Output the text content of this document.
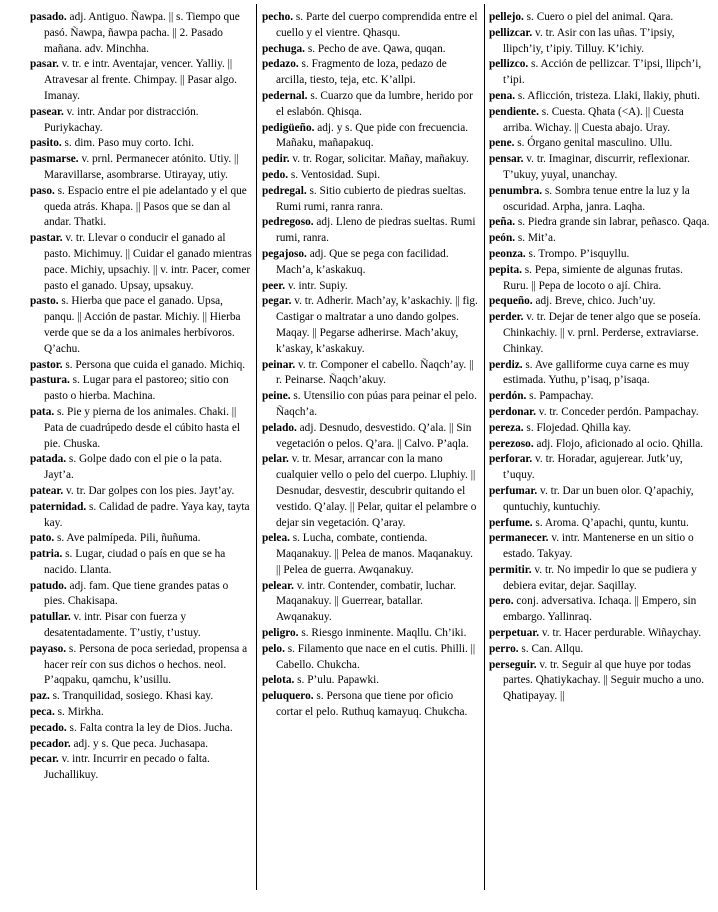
pasado. adj. Antiguo. Ñawpa. || s. Tiempo que pasó. Ñawpa, ñawpa pacha. || 2. Pasado mañana. adv. Minchha.

pasar. v. tr. e intr. Aventajar, vencer. Yalliy. || Atravesar al frente. Chimpay. || Pasar algo. Imanay.

pasear. v. intr. Andar por distracción. Puriykachay.

pasito. s. dim. Paso muy corto. Ichi.

pasmarse. v. prnl. Permanecer atónito. Utiy. || Maravillarse, asombrarse. Utirayay, utiy.

paso. s. Espacio entre el pie adelantado y el que queda atrás. Khapa. || Pasos que se dan al andar. Thatki.

pastar. v. tr. Llevar o conducir el ganado al pasto. Michimuy. || Cuidar el ganado mientras pace. Michiy, upsachiy. || v. intr. Pacer, comer pasto el ganado. Upsay, upsakuy.

pasto. s. Hierba que pace el ganado. Upsa, panqu. || Acción de pastar. Michiy. || Hierba verde que se da a los animales herbívoros. Q’achu.

pastor. s. Persona que cuida el ganado. Michiq.

pastura. s. Lugar para el pastoreo; sitio con pasto o hierba. Machina.

pata. s. Pie y pierna de los animales. Chaki. || Pata de cuadrúpedo desde el cúbito hasta el pie. Chuska.

patada. s. Golpe dado con el pie o la pata. Jayt’a.

patear. v. tr. Dar golpes con los pies. Jayt’ay.

paternidad. s. Calidad de padre. Yaya kay, tayta kay.

pato. s. Ave palmípeda. Pili, ñuñuma.

patria. s. Lugar, ciudad o país en que se ha nacido. Llanta.

patudo. adj. fam. Que tiene grandes patas o pies. Chakisapa.

patullar. v. intr. Pisar con fuerza y desatentadamente. T’ustiy, t’ustuy.

payaso. s. Persona de poca seriedad, propensa a hacer reír con sus dichos o hechos. neol. P’aqpaku, qamchu, k’usillu.

paz. s. Tranquilidad, sosiego. Khasi kay.

peca. s. Mirkha.

pecado. s. Falta contra la ley de Dios. Jucha.

pecador. adj. y s. Que peca. Juchasapa.

pecar. v. intr. Incurrir en pecado o falta. Juchallikuy.

pecho. s. Parte del cuerpo comprendida entre el cuello y el vientre. Qhasqu.

pechuga. s. Pecho de ave. Qawa, quqan.

pedazo. s. Fragmento de loza, pedazo de arcilla, tiesto, teja, etc. K’allpi.

pedernal. s. Cuarzo que da lumbre, herido por el eslabón. Qhisqa.

pedigüeño. adj. y s. Que pide con frecuencia. Mañaku, mañapakuq.

pedir. v. tr. Rogar, solicitar. Mañay, mañakuy.

pedo. s. Ventosidad. Supi.

pedregal. s. Sitio cubierto de piedras sueltas. Rumi rumi, ranra ranra.

pedregoso. adj. Lleno de piedras sueltas. Rumi rumi, ranra.

pegajoso. adj. Que se pega con facilidad. Mach’a, k’askakuq.

peer. v. intr. Supiy.

pegar. v. tr. Adherir. Mach’ay, k’askachiy. || fig. Castigar o maltratar a uno dando golpes. Maqay. || Pegarse adherirse. Mach’akuy, k’askay, k’askakuy.

peinar. v. tr. Componer el cabello. Ñaqch’ay. || r. Peinarse. Ñaqch’akuy.

peine. s. Utensilio con púas para peinar el pelo. Ñaqch’a.

pelado. adj. Desnudo, desvestido. Q’ala. || Sin vegetación o pelos. Q’ara. || Calvo. P’aqla.

pelar. v. tr. Mesar, arrancar con la mano cualquier vello o pelo del cuerpo. Lluphiy. || Desnudar, desvestir, descubrir quitando el vestido. Q’alay. || Pelar, quitar el pelambre o dejar sin vegetación. Q’aray.

pelea. s. Lucha, combate, contienda. Maqanakuy. || Pelea de manos. Maqanakuy. || Pelea de guerra. Awqanakuy.

pelear. v. intr. Contender, combatir, luchar. Maqanakuy. || Guerrear, batallar. Awqanakuy.

peligro. s. Riesgo inminente. Maqllu. Ch’iki.

pelo. s. Filamento que nace en el cutis. Philli. || Cabello. Chukcha.

pelota. s. P’ulu. Papawki.

peluquero. s. Persona que tiene por oficio cortar el pelo. Ruthuq kamayuq. Chukcha.

pellejo. s. Cuero o piel del animal. Qara.

pellizcar. v. tr. Asir con las uñas. T’ipsiy, llipch’iy, t’ipiy. Tilluy. K’ichiy.

pellizco. s. Acción de pellizcar. T’ipsi, llipch’i, t’ipi.

pena. s. Aflicción, tristeza. Llaki, llakiy, phuti.

pendiente. s. Cuesta. Qhata (<A). || Cuesta arriba. Wichay. || Cuesta abajo. Uray.

pene. s. Órgano genital masculino. Ullu.

pensar. v. tr. Imaginar, discurrir, reflexionar. T’ukuy, yuyal, unanchay.

penumbra. s. Sombra tenue entre la luz y la oscuridad. Arpha, janra. Laqha.

peña. s. Piedra grande sin labrar, peñasco. Qaqa.

peón. s. Mit’a.

peonza. s. Trompo. P’isquyllu.

pepita. s. Pepa, simiente de algunas frutas. Ruru. || Pepa de locoto o ají. Chira.

pequeño. adj. Breve, chico. Juch’uy.

perder. v. tr. Dejar de tener algo que se poseía. Chinkachiy. || v. prnl. Perderse, extraviarse. Chinkay.

perdiz. s. Ave galliforme cuya carne es muy estimada. Yuthu, p’isaq, p’isaqa.

perdón. s. Pampachay.

perdonar. v. tr. Conceder perdón. Pampachay.

pereza. s. Flojedad. Qhilla kay.

perezoso. adj. Flojo, aficionado al ocio. Qhilla.

perforar. v. tr. Horadar, agujerear. Jutk’uy, t’uquy.

perfumar. v. tr. Dar un buen olor. Q’apachiy, quntuchiy, kuntuchiy.

perfume. s. Aroma. Q’apachi, quntu, kuntu.

permanecer. v. intr. Mantenerse en un sitio o estado. Takyay.

permitir. v. tr. No impedir lo que se pudiera y debiera evitar, dejar. Saqillay.

pero. conj. adversativa. Ichaqa. || Empero, sin embargo. Yallinraq.

perpetuar. v. tr. Hacer perdurable. Wiñaychay.

perro. s. Can. Allqu.

perseguir. v. tr. Seguir al que huye por todas partes. Qhatiykachay. || Seguir mucho a uno. Qhatipayay. ||
